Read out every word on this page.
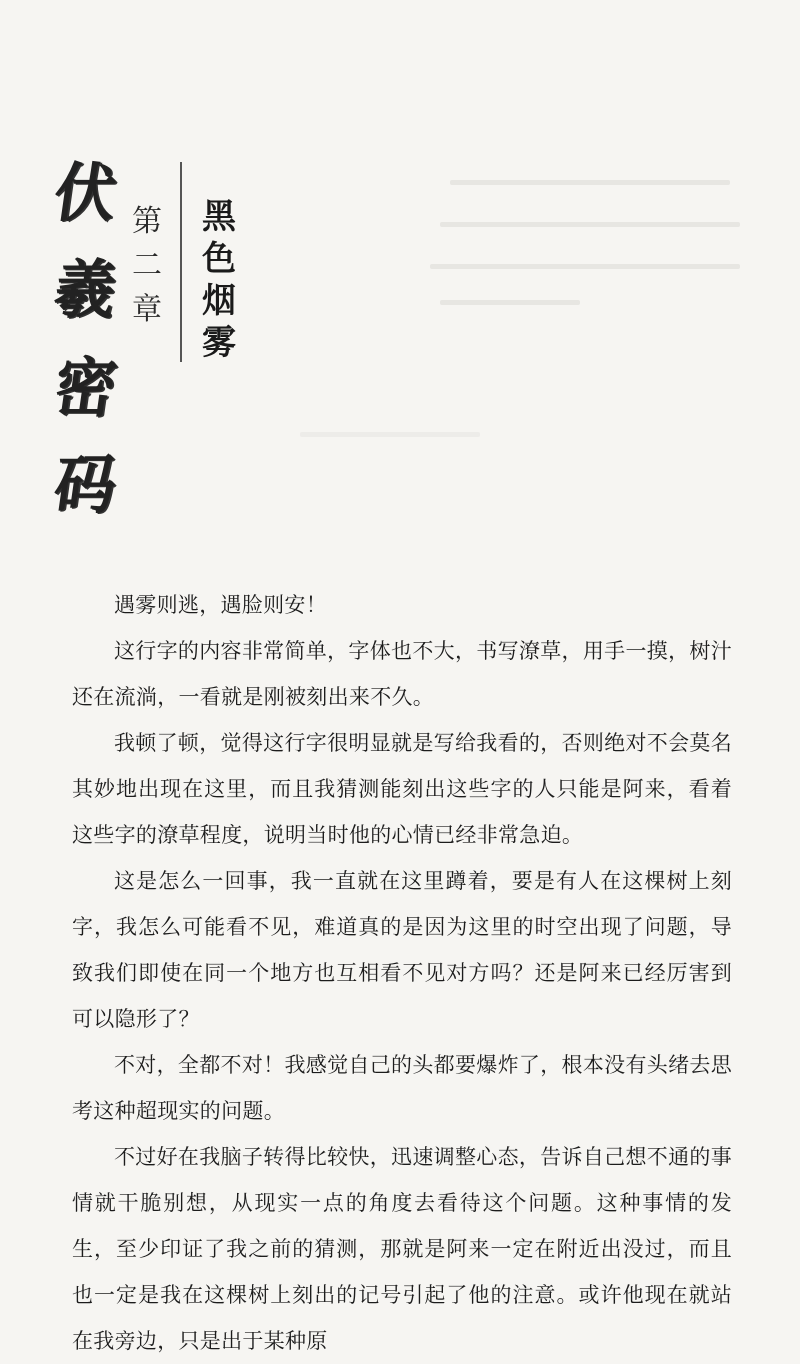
伏
羲
密
码
第
二
章
黑
色
烟
雾

遇雾则逃，遇脸则安！

这行字的内容非常简单，字体也不大，书写潦草，用手一摸，树汁还在流淌，一看就是刚被刻出来不久。

我顿了顿，觉得这行字很明显就是写给我看的，否则绝对不会莫名其妙地出现在这里，而且我猜测能刻出这些字的人只能是阿来，看着这些字的潦草程度，说明当时他的心情已经非常急迫。

这是怎么一回事，我一直就在这里蹲着，要是有人在这棵树上刻字，我怎么可能看不见，难道真的是因为这里的时空出现了问题，导致我们即使在同一个地方也互相看不见对方吗？还是阿来已经厉害到可以隐形了？

不对，全都不对！我感觉自己的头都要爆炸了，根本没有头绪去思考这种超现实的问题。

不过好在我脑子转得比较快，迅速调整心态，告诉自己想不通的事情就干脆别想，从现实一点的角度去看待这个问题。这种事情的发生，至少印证了我之前的猜测，那就是阿来一定在附近出没过，而且也一定是我在这棵树上刻出的记号引起了他的注意。或许他现在就站在我旁边，只是出于某种原
